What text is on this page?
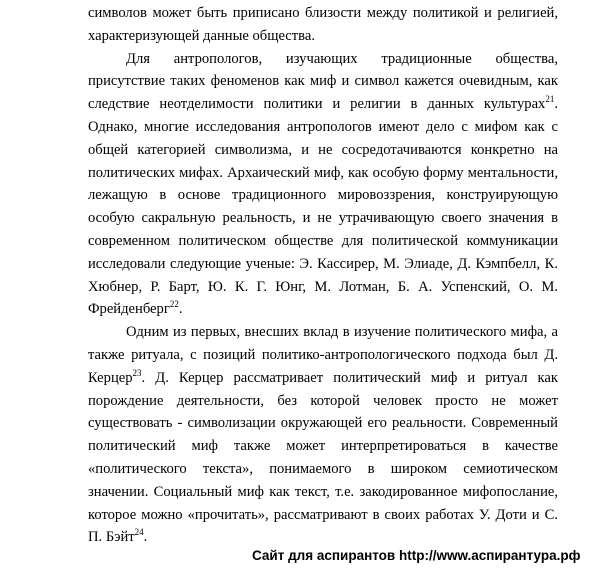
символов может быть приписано близости между политикой и религией, характеризующей данные общества.

Для антропологов, изучающих традиционные общества, присутствие таких феноменов как миф и символ кажется очевидным, как следствие неотделимости политики и религии в данных культурах$^{21}$. Однако, многие исследования антропологов имеют дело с мифом как с общей категорией символизма, и не сосредотачиваются конкретно на политических мифах. Архаический миф, как особую форму ментальности, лежащую в основе традиционного мировоззрения, конструирующую особую сакральную реальность, и не утрачивающую своего значения в современном политическом обществе для политической коммуникации исследовали следующие ученые: Э. Кассирер, М. Элиаде, Д. Кэмпбелл, К. Хюбнер, Р. Барт, Ю. К. Г. Юнг, М. Лотман, Б. А. Успенский, О. М. Фрейденберг$^{22}$.

Одним из первых, внесших вклад в изучение политического мифа, а также ритуала, с позиций политико-антропологического подхода был Д. Керцер$^{23}$. Д. Керцер рассматривает политический миф и ритуал как порождение деятельности, без которой человек просто не может существовать - символизации окружающей его реальности. Современный политический миф также может интерпретироваться в качестве «политического текста», понимаемого в широком семиотическом значении. Социальный миф как текст, т.е. закодированное мифопослание, которое можно «прочитать», рассматривают в своих работах У. Доти и С. П. Бэйт$^{24}$.

Сайт для аспирантов http://www.аспирантура.рф
